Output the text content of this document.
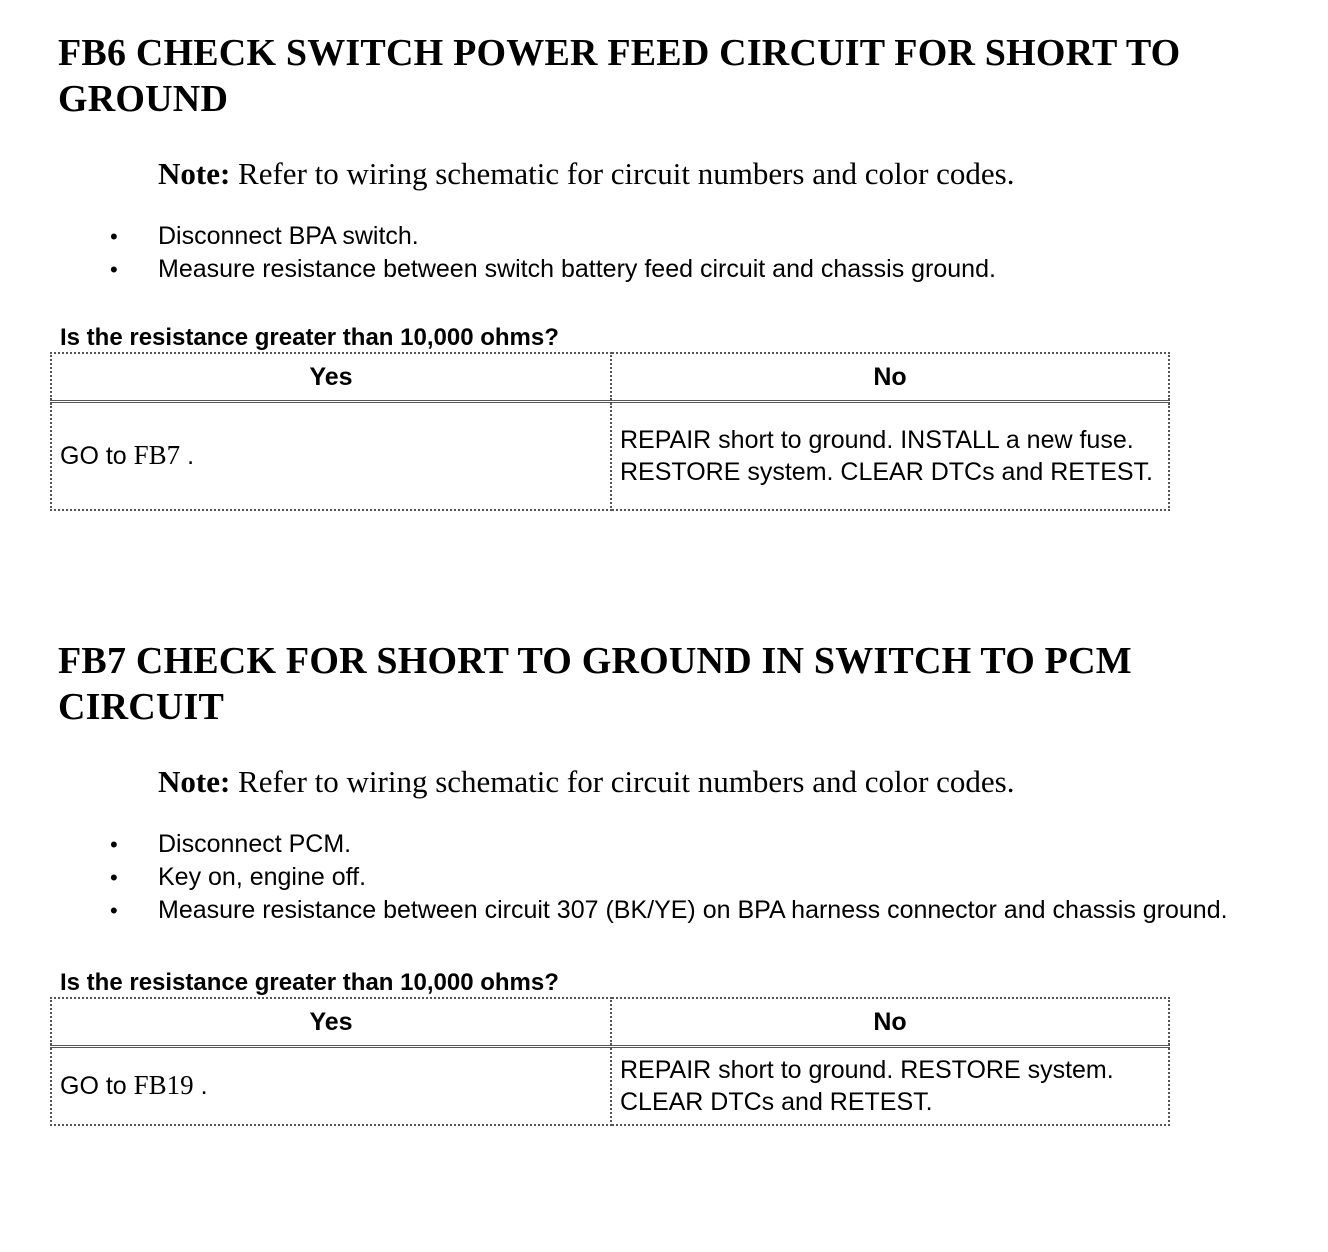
FB6 CHECK SWITCH POWER FEED CIRCUIT FOR SHORT TO
GROUND

Note: Refer to wiring schematic for circuit numbers and color codes.

• Disconnect BPA switch.
• Measure resistance between switch battery feed circuit and chassis ground.

Is the resistance greater than 10,000 ohms?

Yes	No
GO to FB7 .	REPAIR short to ground. INSTALL a new fuse. RESTORE system. CLEAR DTCs and RETEST.
FB7 CHECK FOR SHORT TO GROUND IN SWITCH TO PCM
CIRCUIT

Note: Refer to wiring schematic for circuit numbers and color codes.

• Disconnect PCM.
• Key on, engine off.
• Measure resistance between circuit 307 (BK/YE) on BPA harness connector and chassis ground.

Is the resistance greater than 10,000 ohms?

Yes	No
GO to FB19 .	REPAIR short to ground. RESTORE system. CLEAR DTCs and RETEST.
